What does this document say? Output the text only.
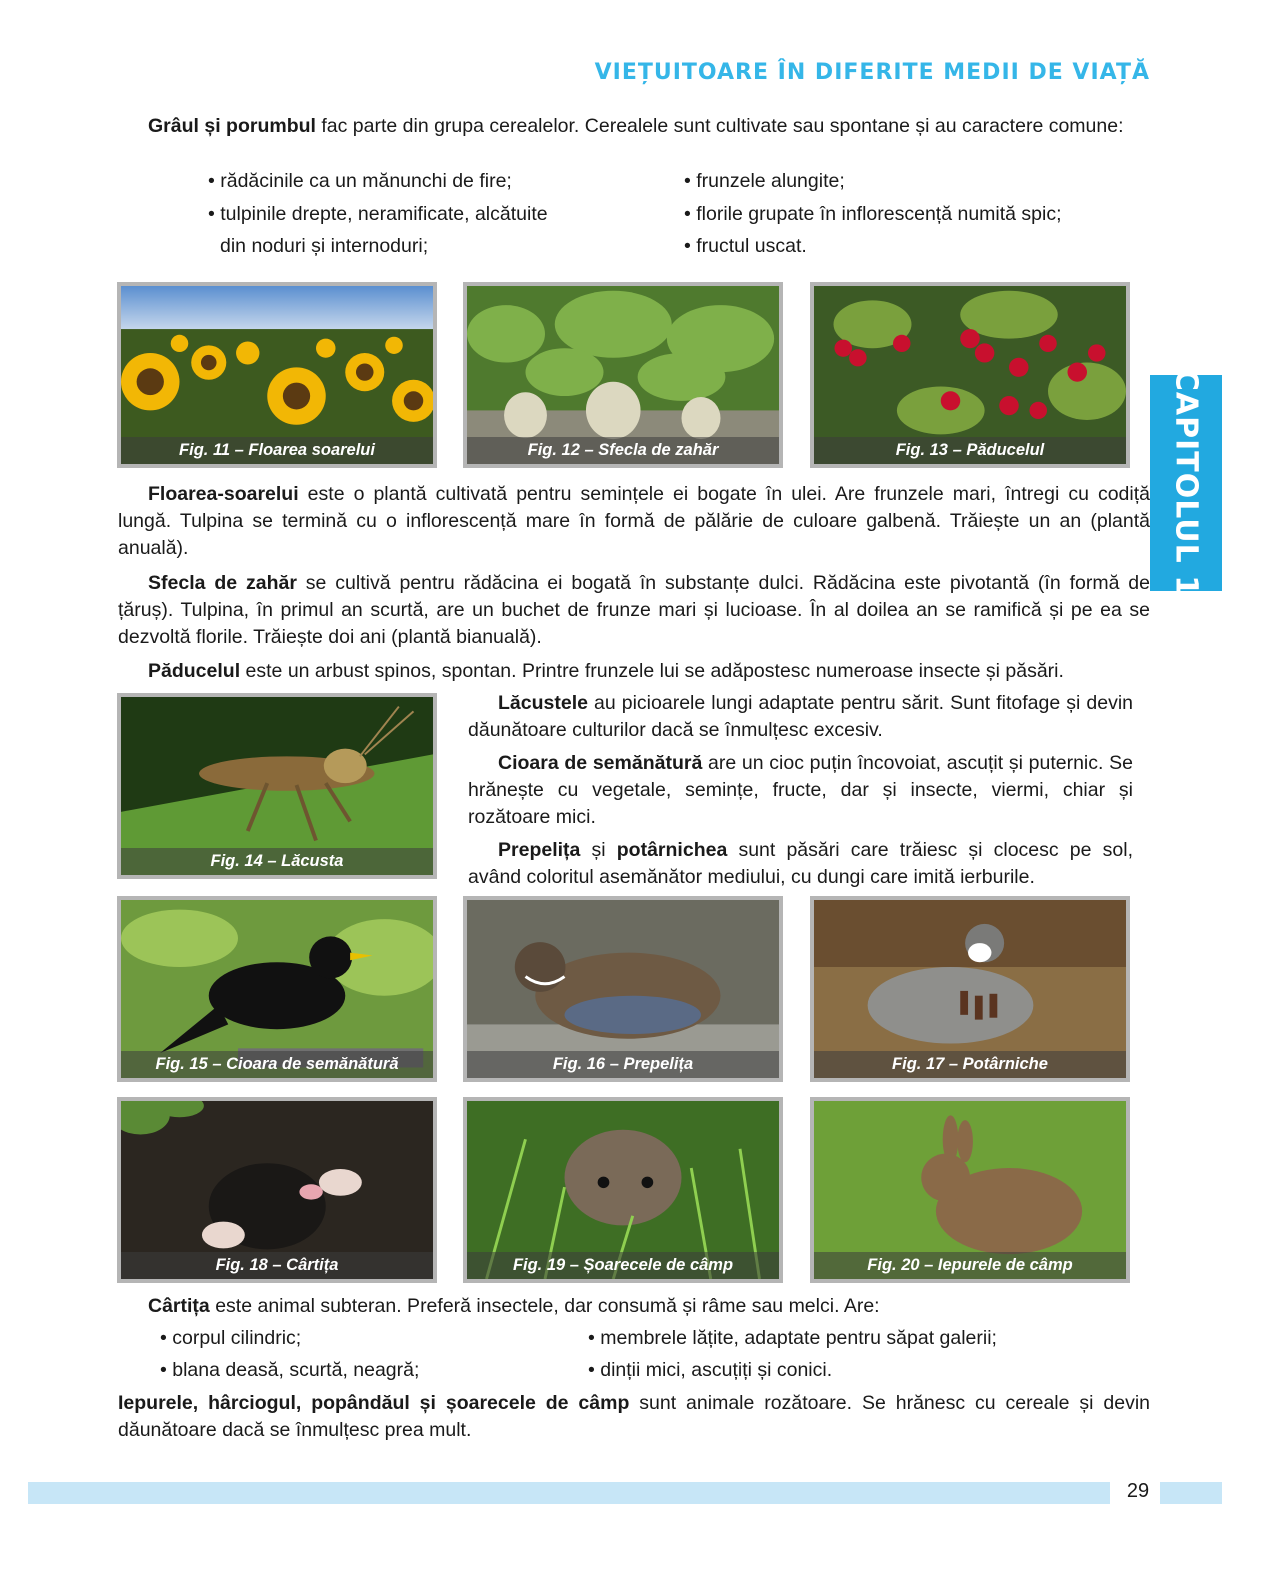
VIEȚUITOARE ÎN DIFERITE MEDII DE VIAȚĂ
CAPITOLUL 1
Grâul și porumbul fac parte din grupa cerealelor. Cerealele sunt cultivate sau spontane și au caractere comune:
• rădăcinile ca un mănunchi de fire;
• tulpinile drepte, neramificate, alcătuite
din noduri și internoduri;
• frunzele alungite;
• florile grupate în inflorescență numită spic;
• fructul uscat.
Fig. 11 – Floarea soarelui	Fig. 12 – Sfecla de zahăr	Fig. 13 – Păducelul
Floarea-soarelui este o plantă cultivată pentru semințele ei bogate în ulei. Are frunzele mari, întregi cu codiță lungă. Tulpina se termină cu o inflorescență mare în formă de pălărie de culoare galbenă. Trăiește un an (plantă anuală).
Sfecla de zahăr se cultivă pentru rădăcina ei bogată în substanțe dulci. Rădăcina este pivotantă (în formă de țăruș). Tulpina, în primul an scurtă, are un buchet de frunze mari și lucioase. În al doilea an se ramifică și pe ea se dezvoltă florile. Trăiește doi ani (plantă bianuală).
Păducelul este un arbust spinos, spontan. Printre frunzele lui se adăpostesc numeroase insecte și păsări.
Fig. 14 – Lăcusta
Lăcustele au picioarele lungi adaptate pentru sărit. Sunt fitofage și devin dăunătoare culturilor dacă se înmulțesc excesiv.
Cioara de semănătură are un cioc puțin încovoiat, ascuțit și puternic. Se hrănește cu vegetale, semințe, fructe, dar și insecte, viermi, chiar și rozătoare mici.
Prepelița și potârnichea sunt păsări care trăiesc și clocesc pe sol, având coloritul asemănător mediului, cu dungi care imită ierburile.
Fig. 15 – Cioara de semănătură	Fig. 16 – Prepelița	Fig. 17 – Potârniche
Fig. 18 – Cârtița	Fig. 19 – Șoarecele de câmp	Fig. 20 – Iepurele de câmp
Cârtița este animal subteran. Preferă insectele, dar consumă și râme sau melci. Are:
• corpul cilindric;
• blana deasă, scurtă, neagră;
• membrele lățite, adaptate pentru săpat galerii;
• dinții mici, ascuțiți și conici.
Iepurele, hârciogul, popândăul și șoarecele de câmp sunt animale rozătoare. Se hrănesc cu cereale și devin dăunătoare dacă se înmulțesc prea mult.
29
